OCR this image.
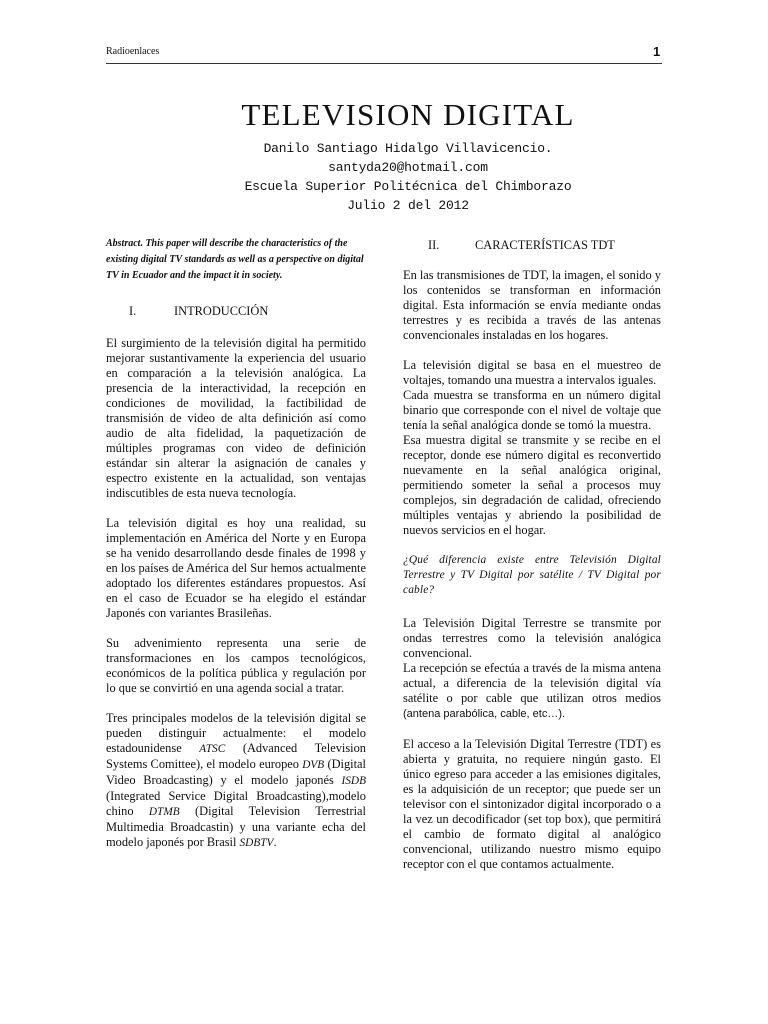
Radioenlaces	1
TELEVISION DIGITAL
Danilo Santiago Hidalgo Villavicencio.
santyda20@hotmail.com
Escuela Superior Politécnica del Chimborazo
Julio 2 del 2012

Abstract. This paper will describe the characteristics of the existing digital TV standards as well as a perspective on digital TV in Ecuador and the impact it in society.

I.	INTRODUCCIÓN

El surgimiento de la televisión digital ha permitido mejorar sustantivamente la experiencia del usuario en comparación a la televisión analógica. La presencia de la interactividad, la recepción en condiciones de movilidad, la factibilidad de transmisión de video de alta definición así como audio de alta fidelidad, la paquetización de múltiples programas con video de definición estándar sin alterar la asignación de canales y espectro existente en la actualidad, son ventajas indiscutibles de esta nueva tecnología.

La televisión digital es hoy una realidad, su implementación en América del Norte y en Europa se ha venido desarrollando desde finales de 1998 y en los países de América del Sur hemos actualmente adoptado los diferentes estándares propuestos. Así en el caso de Ecuador se ha elegido el estándar Japonés con variantes Brasileñas.

Su advenimiento representa una serie de transformaciones en los campos tecnológicos, económicos de la política pública y regulación por lo que se convirtió en una agenda social a tratar.

Tres principales modelos de la televisión digital se pueden distinguir actualmente: el modelo estadounidense ATSC (Advanced Television Systems Comittee), el modelo europeo DVB (Digital Video Broadcasting) y el modelo japonés ISDB (Integrated Service Digital Broadcasting),modelo chino DTMB (Digital Television Terrestrial Multimedia Broadcastin) y una variante echa del modelo japonés por Brasil SDBTV.

II.	CARACTERÍSTICAS TDT

En las transmisiones de TDT, la imagen, el sonido y los contenidos se transforman en información digital. Esta información se envía mediante ondas terrestres y es recibida a través de las antenas convencionales instaladas en los hogares.

La televisión digital se basa en el muestreo de voltajes, tomando una muestra a intervalos iguales.

Cada muestra se transforma en un número digital binario que corresponde con el nivel de voltaje que tenía la señal analógica donde se tomó la muestra.

Esa muestra digital se transmite y se recibe en el receptor, donde ese número digital es reconvertido nuevamente en la señal analógica original, permitiendo someter la señal a procesos muy complejos, sin degradación de calidad, ofreciendo múltiples ventajas y abriendo la posibilidad de nuevos servicios en el hogar.

¿Qué diferencia existe entre Televisión Digital Terrestre y TV Digital por satélite / TV Digital por cable?

La Televisión Digital Terrestre se transmite por ondas terrestres como la televisión analógica convencional.

La recepción se efectúa a través de la misma antena actual, a diferencia de la televisión digital vía satélite o por cable que utilizan otros medios (antena parabólica, cable, etc…).

El acceso a la Televisión Digital Terrestre (TDT) es abierta y gratuita, no requiere ningún gasto. El único egreso para acceder a las emisiones digitales, es la adquisición de un receptor; que puede ser un televisor con el sintonizador digital incorporado o a la vez un decodificador (set top box), que permitirá el cambio de formato digital al analógico convencional, utilizando nuestro mismo equipo receptor con el que contamos actualmente.
